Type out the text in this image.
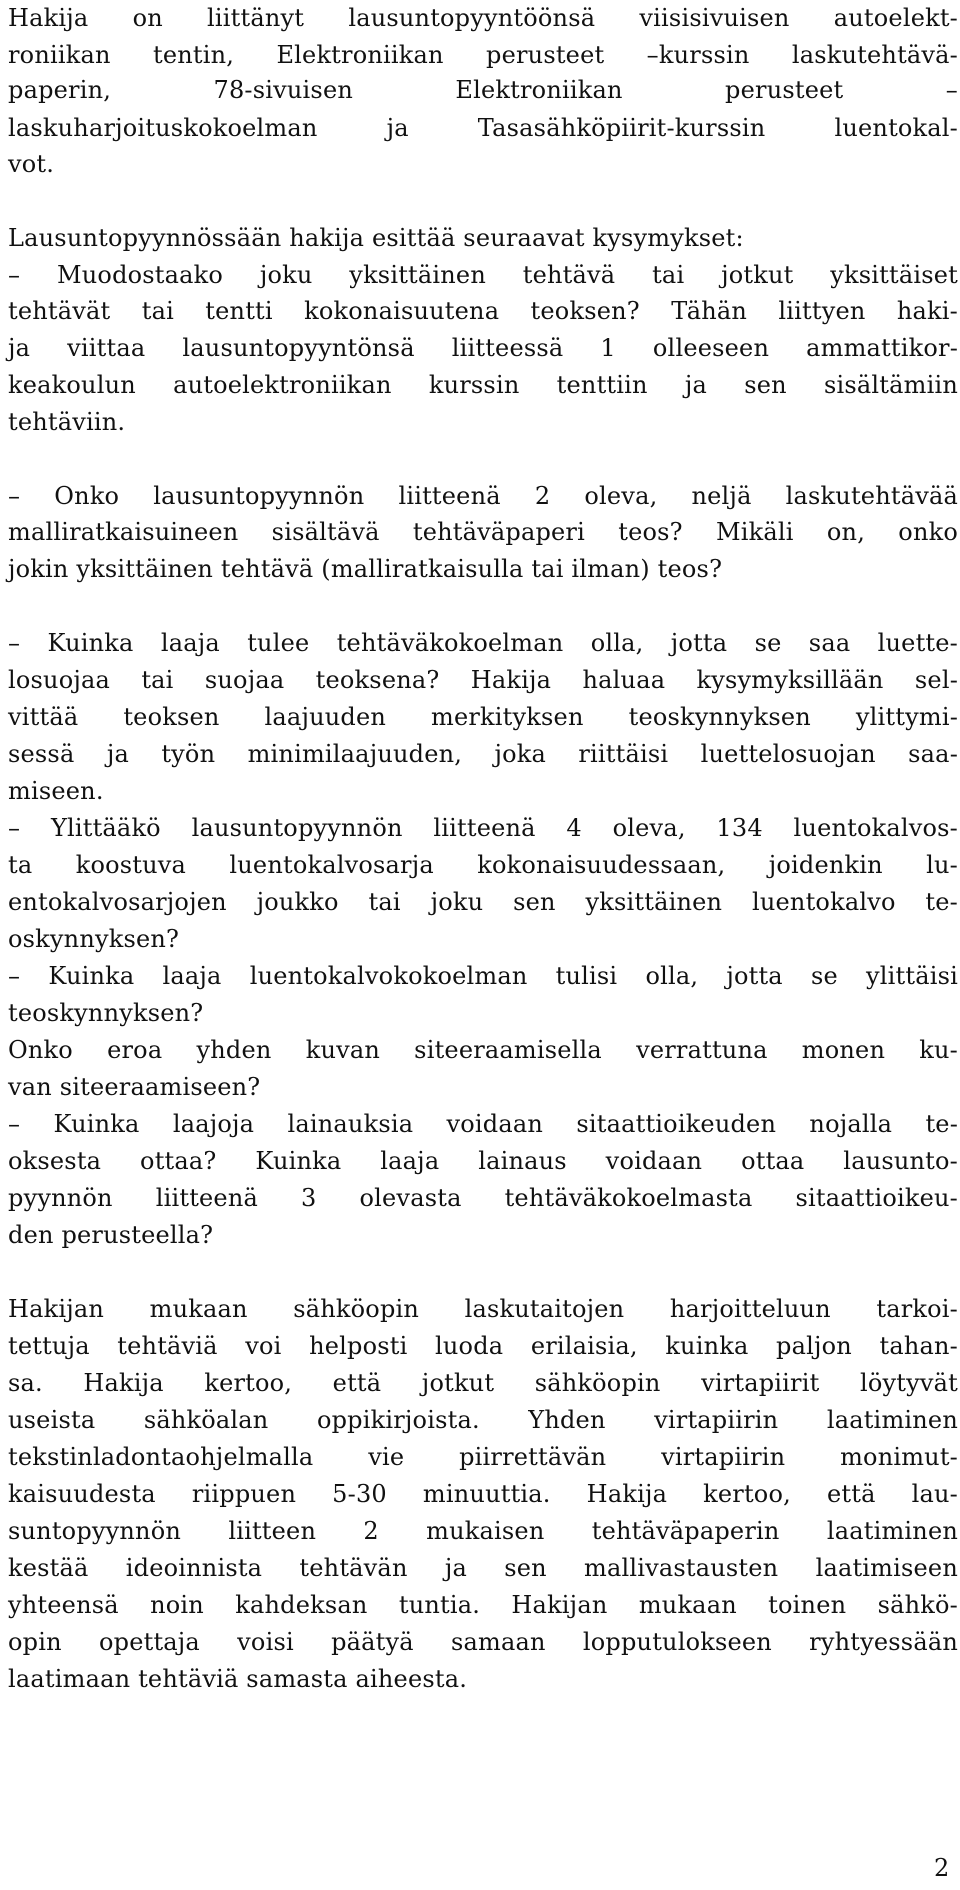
Hakija on liittänyt lausuntopyyntöönsä viisisivuisen autoelekt-

roniikan tentin, Elektroniikan perusteet –kurssin laskutehtävä-

paperin, 78-sivuisen Elektroniikan perusteet –

laskuharjoituskokoelman ja Tasasähköpiirit-kurssin luentokal-

vot.

Lausuntopyynnössään hakija esittää seuraavat kysymykset:

– Muodostaako joku yksittäinen tehtävä tai jotkut yksittäiset

tehtävät tai tentti kokonaisuutena teoksen? Tähän liittyen haki-

ja viittaa lausuntopyyntönsä liitteessä 1 olleeseen ammattikor-

keakoulun autoelektroniikan kurssin tenttiin ja sen sisältämiin

tehtäviin.

– Onko lausuntopyynnön liitteenä 2 oleva, neljä laskutehtävää

malliratkaisuineen sisältävä tehtäväpaperi teos? Mikäli on, onko

jokin yksittäinen tehtävä (malliratkaisulla tai ilman) teos?

– Kuinka laaja tulee tehtäväkokoelman olla, jotta se saa luette-

losuojaa tai suojaa teoksena? Hakija haluaa kysymyksillään sel-

vittää teoksen laajuuden merkityksen teoskynnyksen ylittymi-

sessä ja työn minimilaajuuden, joka riittäisi luettelosuojan saa-

miseen.

– Ylittääkö lausuntopyynnön liitteenä 4 oleva, 134 luentokalvos-

ta koostuva luentokalvosarja kokonaisuudessaan, joidenkin lu-

entokalvosarjojen joukko tai joku sen yksittäinen luentokalvo te-

oskynnyksen?

– Kuinka laaja luentokalvokokoelman tulisi olla, jotta se ylittäisi

teoskynnyksen?

Onko eroa yhden kuvan siteeraamisella verrattuna monen ku-

van siteeraamiseen?

– Kuinka laajoja lainauksia voidaan sitaattioikeuden nojalla te-

oksesta ottaa? Kuinka laaja lainaus voidaan ottaa lausunto-

pyynnön liitteenä 3 olevasta tehtäväkokoelmasta sitaattioikeu-

den perusteella?

Hakijan mukaan sähköopin laskutaitojen harjoitteluun tarkoi-

tettuja tehtäviä voi helposti luoda erilaisia, kuinka paljon tahan-

sa. Hakija kertoo, että jotkut sähköopin virtapiirit löytyvät

useista sähköalan oppikirjoista. Yhden virtapiirin laatiminen

tekstinladontaohjelmalla vie piirrettävän virtapiirin monimut-

kaisuudesta riippuen 5-30 minuuttia. Hakija kertoo, että lau-

suntopyynnön liitteen 2 mukaisen tehtäväpaperin laatiminen

kestää ideoinnista tehtävän ja sen mallivastausten laatimiseen

yhteensä noin kahdeksan tuntia. Hakijan mukaan toinen sähkö-

opin opettaja voisi päätyä samaan lopputulokseen ryhtyessään

laatimaan tehtäviä samasta aiheesta.

2
